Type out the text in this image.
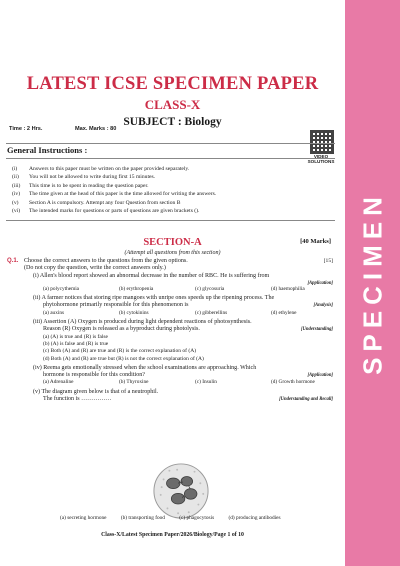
LATEST ICSE SPECIMEN PAPER
CLASS-X
SUBJECT : Biology
Time : 2 Hrs.	Max. Marks : 80
VIDEO
SOLUTIONS
General Instructions :
(i) Answers to this paper must be written on the paper provided separately.
(ii) You will not be allowed to write during first 15 minutes.
(iii) This time is to be spent in reading the question paper.
(iv) The time given at the head of this paper is the time allowed for writing the answers.
(v) Section A is compulsory. Attempt any four Question from section B
(vi) The intended marks for questions or parts of questions are given brackets ().
SECTION-A	[40 Marks]
(Attempt all questions from this section)
Q.1. Choose the correct answers to the questions from the given options.	[15]
(Do not copy the question, write the correct answers only.)
(i) Allen's blood report showed an abnormal decrease in the number of RBC. He is suffering from
[Application]
(a) polycythemia	(b) erythropenia	(c) glycosuria	(d) haemophilia
(ii) A farmer notices that storing ripe mangoes with unripe ones speeds up the ripening process. The
phytohormone primarily responsible for this phenomenon is	[Analysis]
(a) auxins	(b) cytokinins	(c) gibberellins	(d) ethylene
(iii) Assertion (A) Oxygen is produced during light dependent reactions of photosynthesis.
Reason (R) Oxygen is released as a byproduct during photolysis.	[Understanding]
(a) (A) is true and (R) is false
(b) (A) is false and (R) is true
(c) Both (A) and (R) are true and (R) is the correct explanation of (A)
(d) Both (A) and (R) are true but (R) is not the correct explanation of (A)
(iv) Reema gets emotionally stressed when the school examinations are approaching. Which
hormone is responsible for this condition?	[Application]
(a) Adrenaline	(b) Thyroxine	(c) Insulin	(d) Growth hormone
(v) The diagram given below is that of a neutrophil.
The function is ……………	[Understanding and Recall]
(a) secreting hormone	(b) transporting food	(c) phagocytosis	(d) producing antibodies
Class-X/Latest Specimen Paper/2026/Biology/Page 1 of 10
SPECIMEN
